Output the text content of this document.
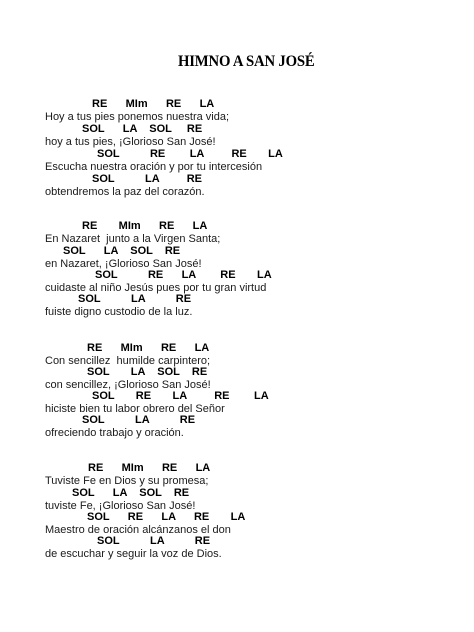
HIMNO A SAN JOSÉ
RE      MIm      RE      LA
Hoy a tus pies ponemos nuestra vida;
SOL      LA    SOL     RE
hoy a tus pies, ¡Glorioso San José!
SOL          RE        LA         RE       LA
Escucha nuestra oración y por tu intercesión
SOL          LA         RE
obtendremos la paz del corazón.
RE       MIm      RE      LA
En Nazaret  junto a la Virgen Santa;
SOL      LA    SOL    RE
en Nazaret, ¡Glorioso San José!
SOL          RE      LA        RE       LA
cuidaste al niño Jesús pues por tu gran virtud
SOL          LA          RE
fuiste digno custodio de la luz.
RE      MIm      RE      LA
Con sencillez  humilde carpintero;
SOL       LA    SOL    RE
con sencillez, ¡Glorioso San José!
SOL       RE       LA         RE        LA
hiciste bien tu labor obrero del Señor
SOL          LA          RE
ofreciendo trabajo y oración.
RE      MIm      RE      LA
Tuviste Fe en Dios y su promesa;
SOL      LA    SOL    RE
tuviste Fe, ¡Glorioso San José!
SOL      RE      LA      RE       LA
Maestro de oración alcánzanos el don
SOL          LA          RE
de escuchar y seguir la voz de Dios.
